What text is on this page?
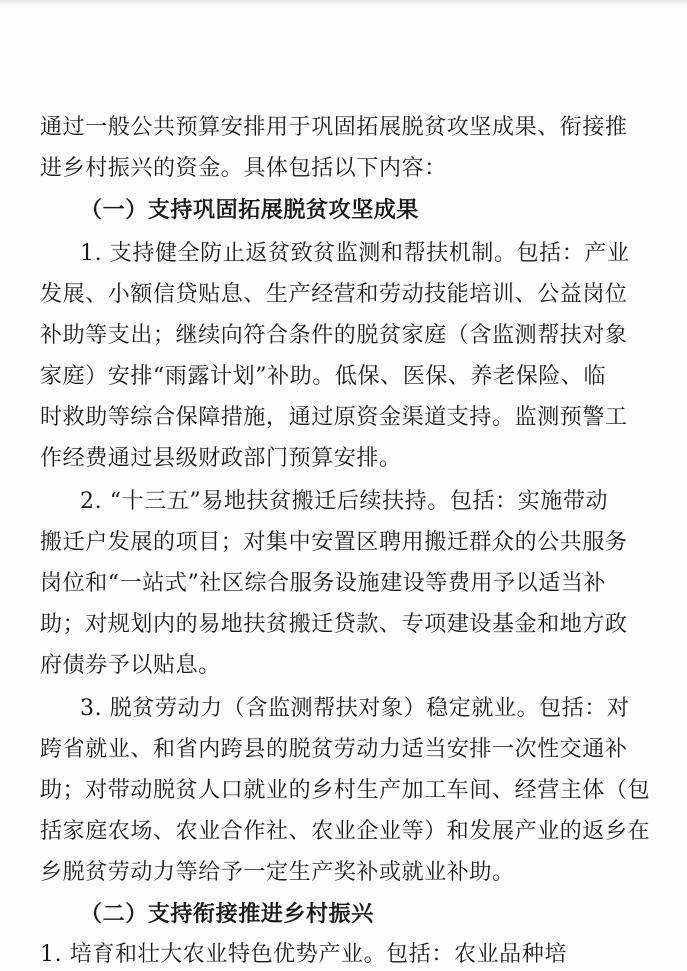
通过一般公共预算安排用于巩固拓展脱贫攻坚成果、衔接推
进乡村振兴的资金。具体包括以下内容：
（一）支持巩固拓展脱贫攻坚成果
1. 支持健全防止返贫致贫监测和帮扶机制。包括：产业
发展、小额信贷贴息、生产经营和劳动技能培训、公益岗位
补助等支出；继续向符合条件的脱贫家庭（含监测帮扶对象
家庭）安排“雨露计划”补助。低保、医保、养老保险、临
时救助等综合保障措施，通过原资金渠道支持。监测预警工
作经费通过县级财政部门预算安排。
2. “十三五”易地扶贫搬迁后续扶持。包括：实施带动
搬迁户发展的项目；对集中安置区聘用搬迁群众的公共服务
岗位和“一站式”社区综合服务设施建设等费用予以适当补
助；对规划内的易地扶贫搬迁贷款、专项建设基金和地方政
府债券予以贴息。
3. 脱贫劳动力（含监测帮扶对象）稳定就业。包括：对
跨省就业、和省内跨县的脱贫劳动力适当安排一次性交通补
助；对带动脱贫人口就业的乡村生产加工车间、经营主体（包
括家庭农场、农业合作社、农业企业等）和发展产业的返乡在
乡脱贫劳动力等给予一定生产奖补或就业补助。
（二）支持衔接推进乡村振兴
1. 培育和壮大农业特色优势产业。包括：农业品种培
